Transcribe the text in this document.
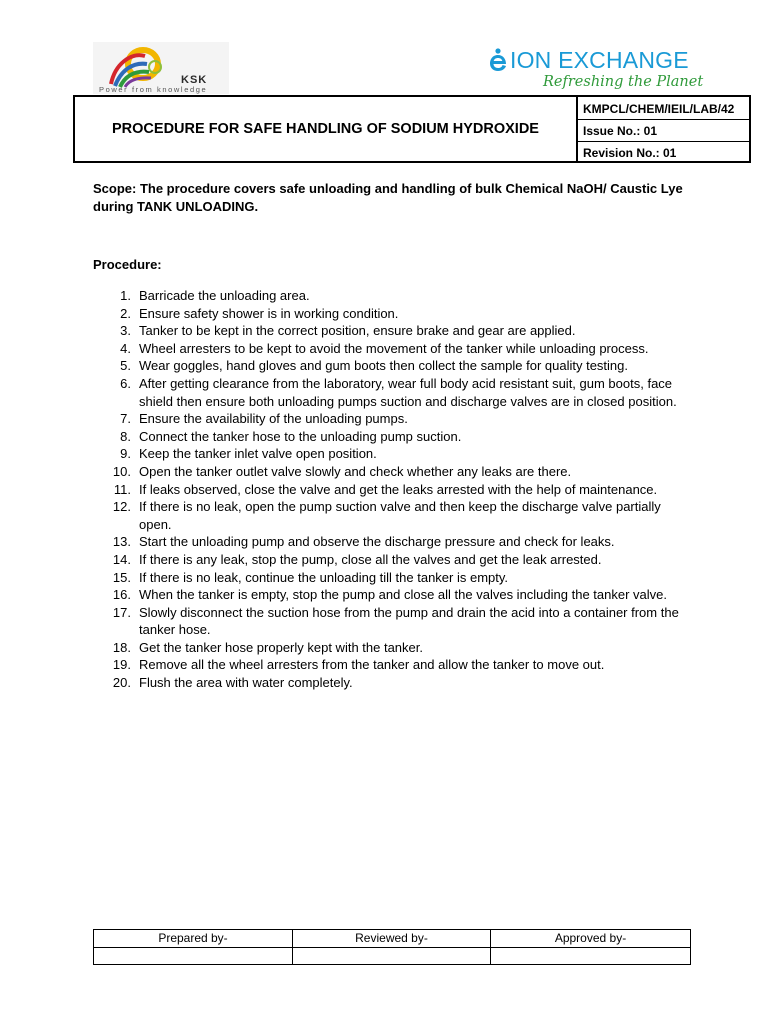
KSK
Power from knowledge
ION EXCHANGE
Refreshing the Planet
PROCEDURE FOR SAFE HANDLING OF SODIUM HYDROXIDE
KMPCL/CHEM/IEIL/LAB/42
Issue No.: 01
Revision No.: 01
Scope: The procedure covers safe unloading and handling of bulk Chemical NaOH/ Caustic Lye during TANK UNLOADING.
Procedure:
1. Barricade the unloading area.
2. Ensure safety shower is in working condition.
3. Tanker to be kept in the correct position, ensure brake and gear are applied.
4. Wheel arresters to be kept to avoid the movement of the tanker while unloading process.
5. Wear goggles, hand gloves and gum boots then collect the sample for quality testing.
6. After getting clearance from the laboratory, wear full body acid resistant suit, gum boots, face shield then ensure both unloading pumps suction and discharge valves are in closed position.
7. Ensure the availability of the unloading pumps.
8. Connect the tanker hose to the unloading pump suction.
9. Keep the tanker inlet valve open position.
10. Open the tanker outlet valve slowly and check whether any leaks are there.
11. If leaks observed, close the valve and get the leaks arrested with the help of maintenance.
12. If there is no leak, open the pump suction valve and then keep the discharge valve partially open.
13. Start the unloading pump and observe the discharge pressure and check for leaks.
14. If there is any leak, stop the pump, close all the valves and get the leak arrested.
15. If there is no leak, continue the unloading till the tanker is empty.
16. When the tanker is empty, stop the pump and close all the valves including the tanker valve.
17. Slowly disconnect the suction hose from the pump and drain the acid into a container from the tanker hose.
18. Get the tanker hose properly kept with the tanker.
19. Remove all the wheel arresters from the tanker and allow the tanker to move out.
20. Flush the area with water completely.
Prepared by-	Reviewed by-	Approved by-
